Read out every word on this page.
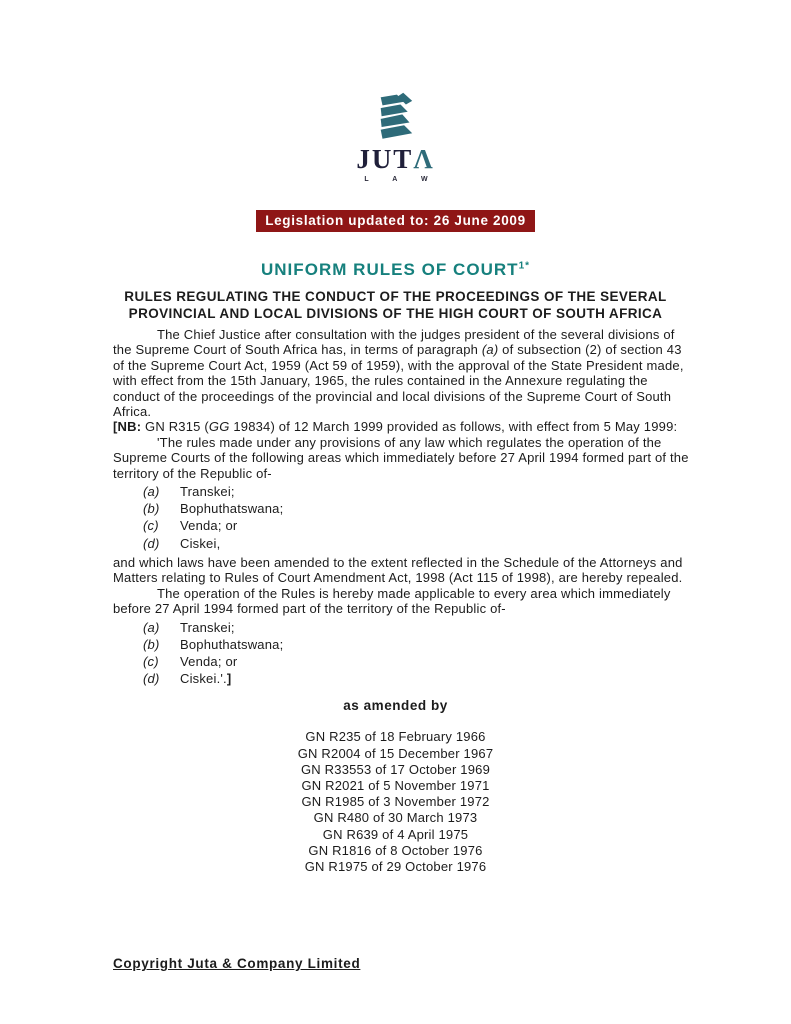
JUTΛ
L A W
Legislation updated to: 26 June 2009
UNIFORM RULES OF $COURT^{1*}$
RULES REGULATING THE CONDUCT OF THE PROCEEDINGS OF THE SEVERAL PROVINCIAL AND LOCAL DIVISIONS OF THE HIGH COURT OF SOUTH AFRICA

The Chief Justice after consultation with the judges president of the several divisions of the Supreme Court of South Africa has, in terms of paragraph (a) of subsection (2) of section 43 of the Supreme Court Act, 1959 (Act 59 of 1959), with the approval of the State President made, with effect from the 15th January, 1965, the rules contained in the Annexure regulating the conduct of the proceedings of the provincial and local divisions of the Supreme Court of South Africa.

[NB: GN R315 (GG 19834) of 12 March 1999 provided as follows, with effect from 5 May 1999:

'The rules made under any provisions of any law which regulates the operation of the Supreme Courts of the following areas which immediately before 27 April 1994 formed part of the territory of the Republic of-

(a)	Transkei;
(b)	Bophuthatswana;
(c)	Venda; or
(d)	Ciskei,

and which laws have been amended to the extent reflected in the Schedule of the Attorneys and Matters relating to Rules of Court Amendment Act, 1998 (Act 115 of 1998), are hereby repealed.

The operation of the Rules is hereby made applicable to every area which immediately before 27 April 1994 formed part of the territory of the Republic of-

(a)	Transkei;
(b)	Bophuthatswana;
(c)	Venda; or
(d)	Ciskei.'.]
as amended by
GN R235 of 18 February 1966
GN R2004 of 15 December 1967
GN R33553 of 17 October 1969
GN R2021 of 5 November 1971
GN R1985 of 3 November 1972
GN R480 of 30 March 1973
GN R639 of 4 April 1975
GN R1816 of 8 October 1976
GN R1975 of 29 October 1976
Copyright Juta & Company Limited
